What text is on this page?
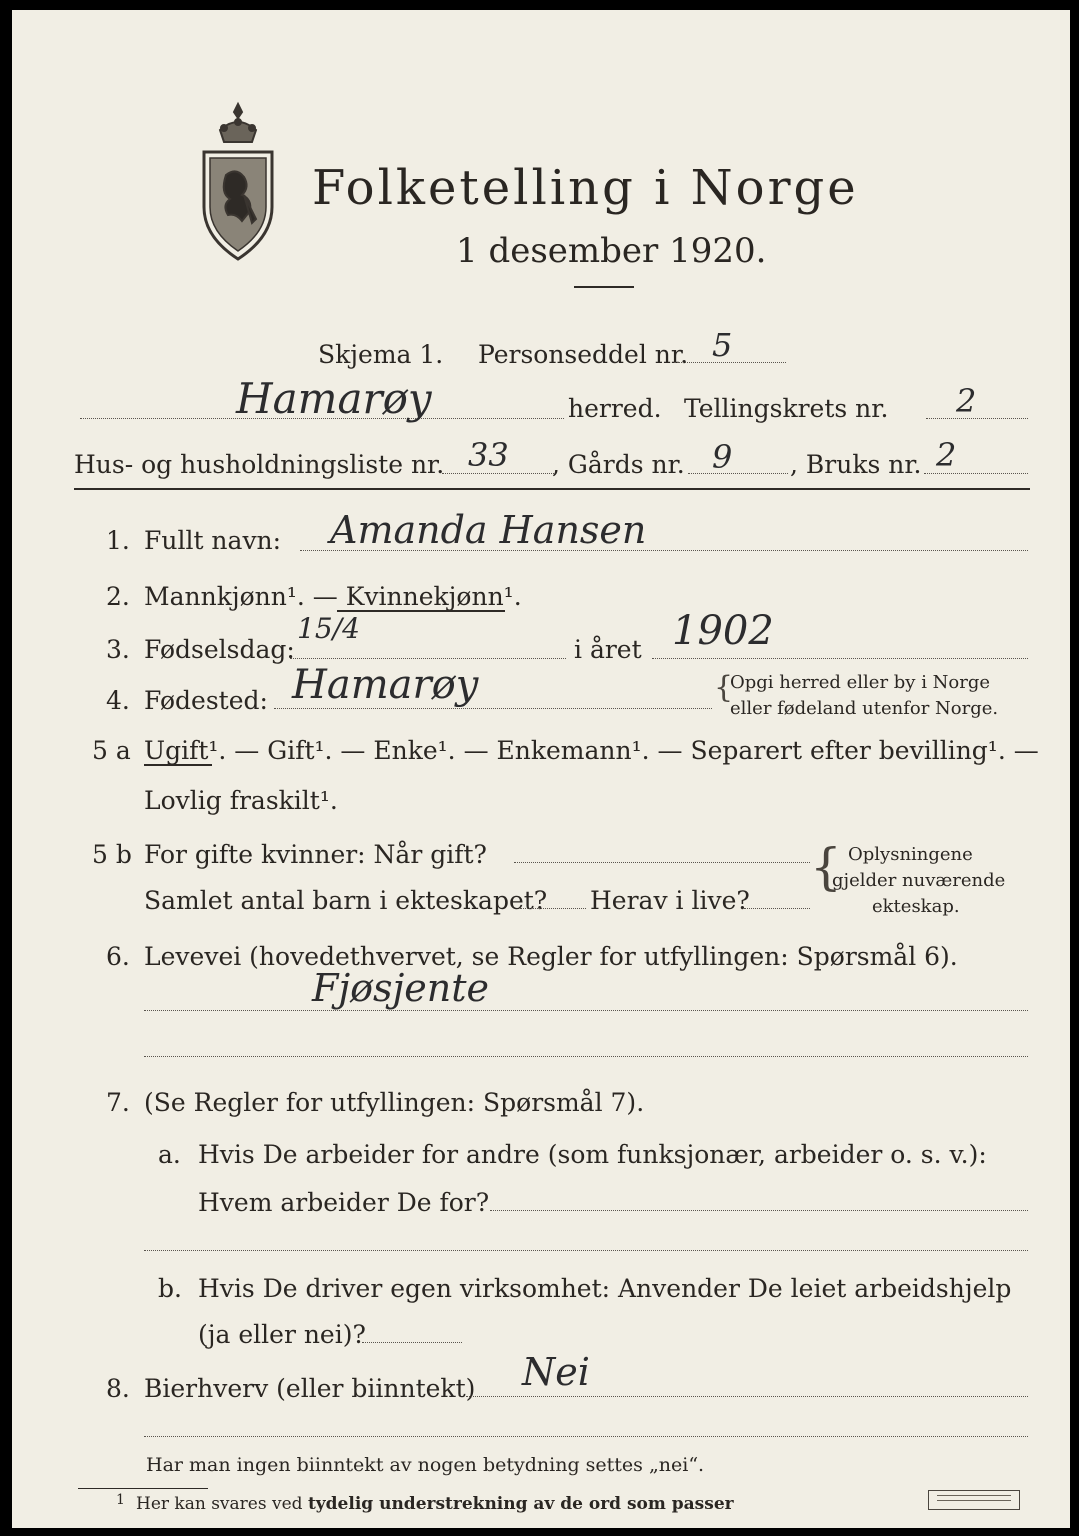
Folketelling i Norge
1 desember 1920.
Skjema 1. Personseddel nr. 5
Hamarøy	herred. Tellingskrets nr. 2
Hus- og husholdningsliste nr. 33 , Gårds nr. 9 , Bruks nr. 2
1. Fullt navn: Amanda Hansen
2. Mannkjønn¹. — Kvinnekjønn¹.
3. Fødselsdag:
15/4
i året 1902
4. Fødested: Hamarøy	{
Opgi herred eller by i Norge
eller fødeland utenfor Norge.
5 a Ugift¹. — Gift¹. — Enke¹. — Enkemann¹. — Separert efter bevilling¹. —
Lovlig fraskilt¹.
5 b For gifte kvinner: Når gift?
Samlet antal barn i ekteskapet? Herav i live?
{ Oplysningene
gjelder nuværende
ekteskap.
6. Levevei (hovedethvervet, se Regler for utfyllingen: Spørsmål 6).
Fjøsjente
7. (Se Regler for utfyllingen: Spørsmål 7).
a. Hvis De arbeider for andre (som funksjonær, arbeider o. s. v.):
Hvem arbeider De for?
b. Hvis De driver egen virksomhet: Anvender De leiet arbeidshjelp
(ja eller nei)?
8. Bierhverv (eller biinntekt) Nei
Har man ingen biinntekt av nogen betydning settes „nei“.
1 Her kan svares ved tydelig understrekning av de ord som passer
